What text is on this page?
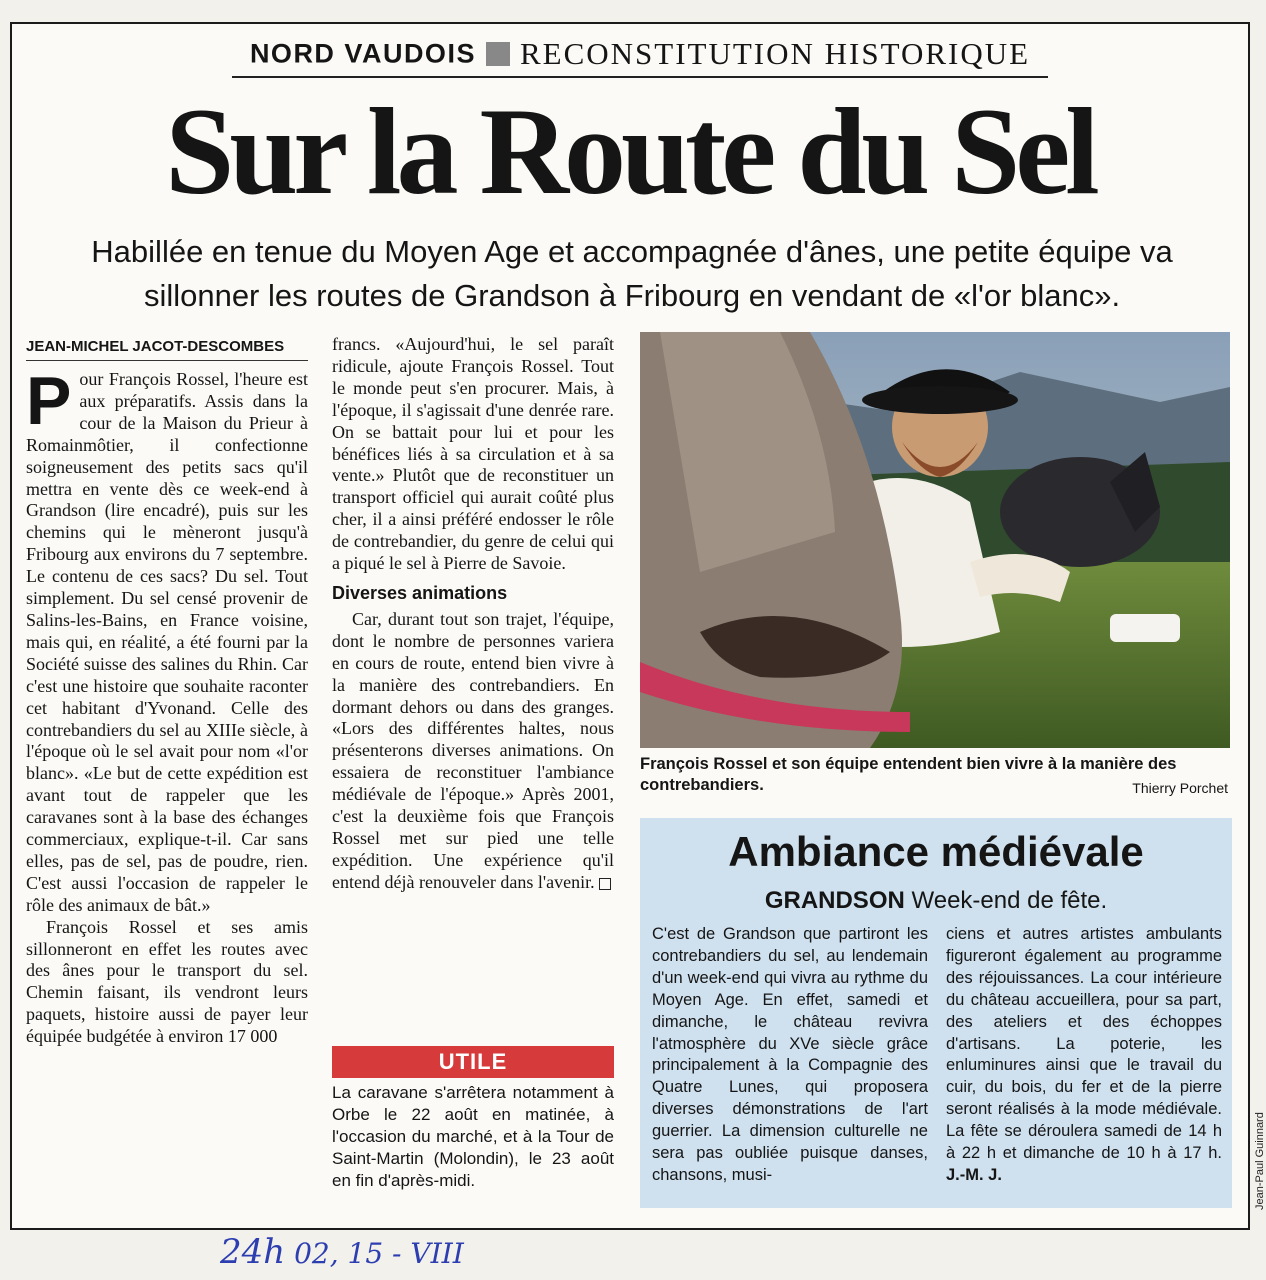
NORD VAUDOIS RECONSTITUTION HISTORIQUE
Sur la Route du Sel

Habillée en tenue du Moyen Age et accompagnée d'ânes, une petite équipe va sillonner les routes de Grandson à Fribourg en vendant de «l'or blanc».

JEAN-MICHEL JACOT-DESCOMBES

Pour François Rossel, l'heure est aux préparatifs. Assis dans la cour de la Maison du Prieur à Romainmôtier, il confectionne soigneusement des petits sacs qu'il mettra en vente dès ce week-end à Grandson (lire encadré), puis sur les chemins qui le mèneront jusqu'à Fribourg aux environs du 7 septembre. Le contenu de ces sacs? Du sel. Tout simplement. Du sel censé provenir de Salins-les-Bains, en France voisine, mais qui, en réalité, a été fourni par la Société suisse des salines du Rhin. Car c'est une histoire que souhaite raconter cet habitant d'Yvonand. Celle des contrebandiers du sel au XIIIe siècle, à l'époque où le sel avait pour nom «l'or blanc». «Le but de cette expédition est avant tout de rappeler que les caravanes sont à la base des échanges commerciaux, explique-t-il. Car sans elles, pas de sel, pas de poudre, rien. C'est aussi l'occasion de rappeler le rôle des animaux de bât.»

François Rossel et ses amis sillonneront en effet les routes avec des ânes pour le transport du sel. Chemin faisant, ils vendront leurs paquets, histoire aussi de payer leur équipée budgétée à environ 17 000

francs. «Aujourd'hui, le sel paraît ridicule, ajoute François Rossel. Tout le monde peut s'en procurer. Mais, à l'époque, il s'agissait d'une denrée rare. On se battait pour lui et pour les bénéfices liés à sa circulation et à sa vente.» Plutôt que de reconstituer un transport officiel qui aurait coûté plus cher, il a ainsi préféré endosser le rôle de contrebandier, du genre de celui qui a piqué le sel à Pierre de Savoie.

Diverses animations

Car, durant tout son trajet, l'équipe, dont le nombre de personnes variera en cours de route, entend bien vivre à la manière des contrebandiers. En dormant dehors ou dans des granges. «Lors des différentes haltes, nous présenterons diverses animations. On essaiera de reconstituer l'ambiance médiévale de l'époque.» Après 2001, c'est la deuxième fois que François Rossel met sur pied une telle expédition. Une expérience qu'il entend déjà renouveler dans l'avenir.

UTILE

La caravane s'arrêtera notamment à Orbe le 22 août en matinée, à l'occasion du marché, et à la Tour de Saint-Martin (Molondin), le 23 août en fin d'après-midi.

François Rossel et son équipe entendent bien vivre à la manière des contrebandiers.	Thierry Porchet
Ambiance médiévale

GRANDSON Week-end de fête.

C'est de Grandson que partiront les contrebandiers du sel, au lendemain d'un week-end qui vivra au rythme du Moyen Age. En effet, samedi et dimanche, le château revivra l'atmosphère du XVe siècle grâce principalement à la Compagnie des Quatre Lunes, qui proposera diverses démonstrations de l'art guerrier. La dimension culturelle ne sera pas oubliée puisque danses, chansons, musi-

ciens et autres artistes ambulants figureront également au programme des réjouissances. La cour intérieure du château accueillera, pour sa part, des ateliers et des échoppes d'artisans. La poterie, les enluminures ainsi que le travail du cuir, du bois, du fer et de la pierre seront réalisés à la mode médiévale. La fête se déroulera samedi de 14 h à 22 h et dimanche de 10 h à 17 h. J.-M. J.	Jean-Paul Guinnard
24h 02, 15 - VIII
